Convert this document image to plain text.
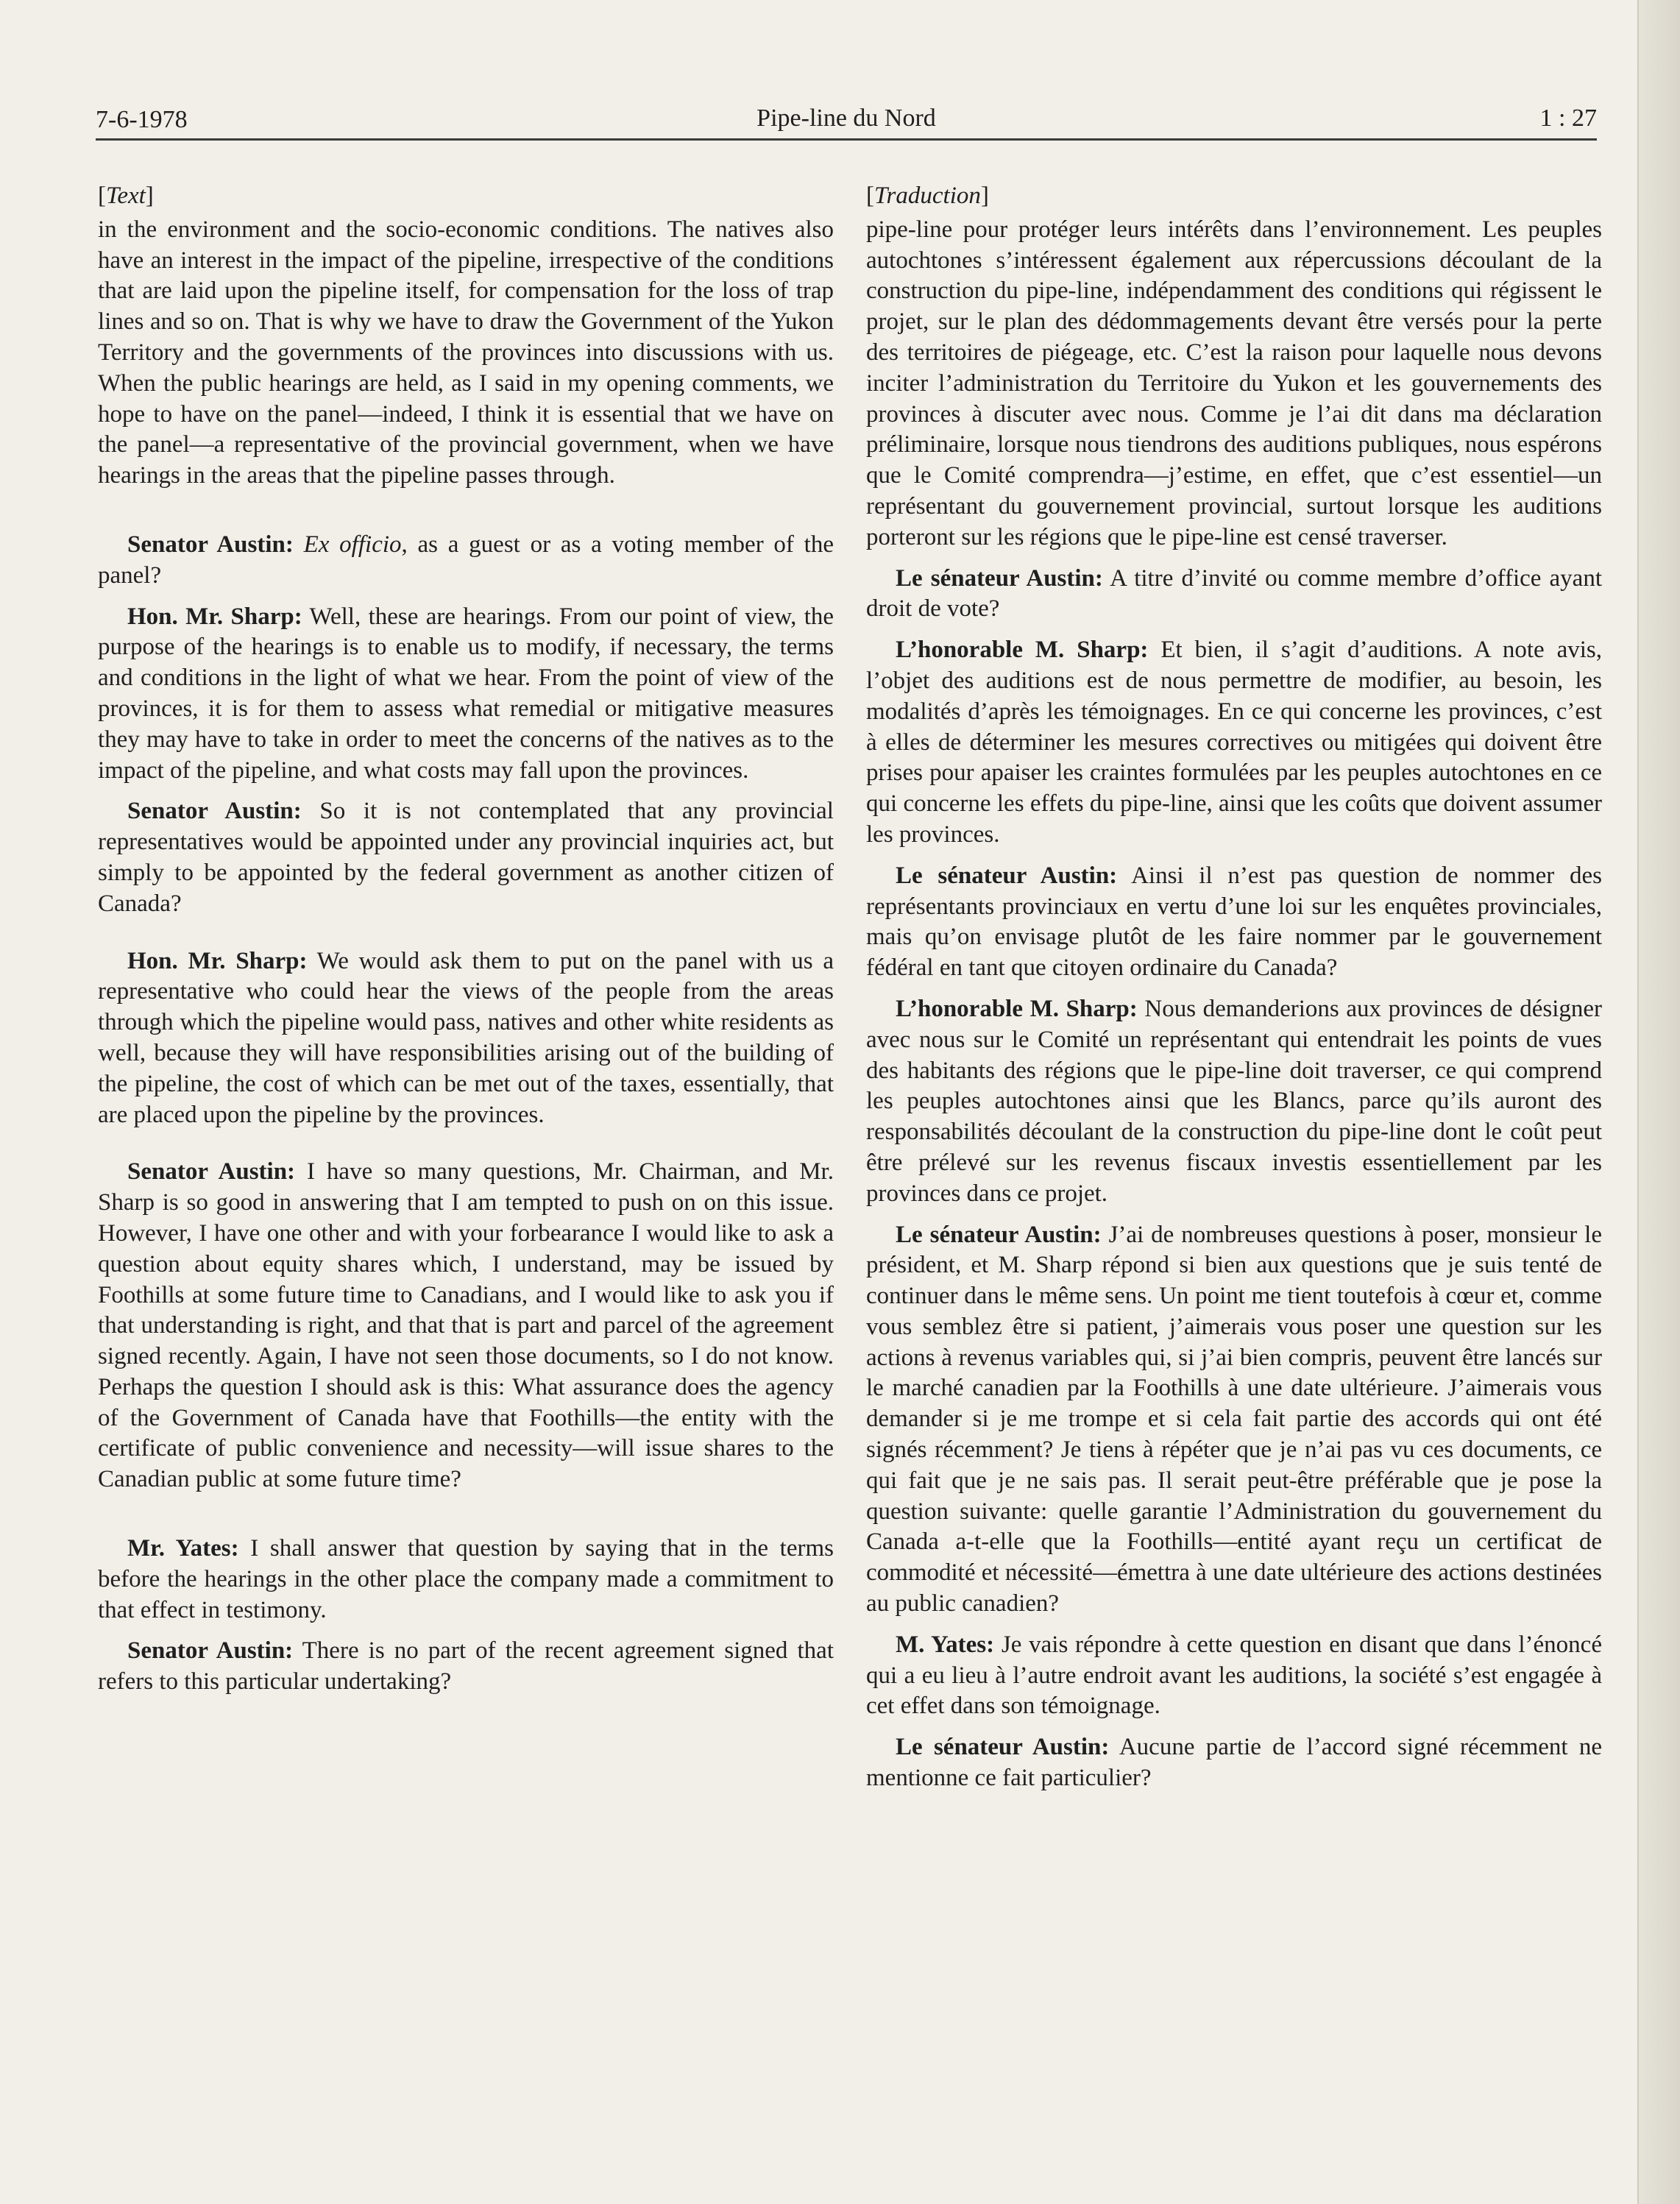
7-6-1978	Pipe-line du Nord	1 : 27
[Text]

in the environment and the socio-economic conditions. The natives also have an interest in the impact of the pipeline, irrespective of the conditions that are laid upon the pipeline itself, for compensation for the loss of trap lines and so on. That is why we have to draw the Government of the Yukon Territory and the governments of the provinces into discussions with us. When the public hearings are held, as I said in my opening comments, we hope to have on the panel—indeed, I think it is essential that we have on the panel—a representative of the provincial government, when we have hearings in the areas that the pipeline passes through.

Senator Austin: Ex officio, as a guest or as a voting member of the panel?

Hon. Mr. Sharp: Well, these are hearings. From our point of view, the purpose of the hearings is to enable us to modify, if necessary, the terms and conditions in the light of what we hear. From the point of view of the provinces, it is for them to assess what remedial or mitigative measures they may have to take in order to meet the concerns of the natives as to the impact of the pipeline, and what costs may fall upon the provinces.

Senator Austin: So it is not contemplated that any provincial representatives would be appointed under any provincial inquiries act, but simply to be appointed by the federal government as another citizen of Canada?

Hon. Mr. Sharp: We would ask them to put on the panel with us a representative who could hear the views of the people from the areas through which the pipeline would pass, natives and other white residents as well, because they will have responsibilities arising out of the building of the pipeline, the cost of which can be met out of the taxes, essentially, that are placed upon the pipeline by the provinces.

Senator Austin: I have so many questions, Mr. Chairman, and Mr. Sharp is so good in answering that I am tempted to push on on this issue. However, I have one other and with your forbearance I would like to ask a question about equity shares which, I understand, may be issued by Foothills at some future time to Canadians, and I would like to ask you if that understanding is right, and that that is part and parcel of the agreement signed recently. Again, I have not seen those documents, so I do not know. Perhaps the question I should ask is this: What assurance does the agency of the Government of Canada have that Foothills—the entity with the certificate of public convenience and necessity—will issue shares to the Canadian public at some future time?

Mr. Yates: I shall answer that question by saying that in the terms before the hearings in the other place the company made a commitment to that effect in testimony.

Senator Austin: There is no part of the recent agreement signed that refers to this particular undertaking?

[Traduction]

pipe-line pour protéger leurs intérêts dans l’environnement. Les peuples autochtones s’intéressent également aux répercussions découlant de la construction du pipe-line, indépendamment des conditions qui régissent le projet, sur le plan des dédommagements devant être versés pour la perte des territoires de piégeage, etc. C’est la raison pour laquelle nous devons inciter l’administration du Territoire du Yukon et les gouvernements des provinces à discuter avec nous. Comme je l’ai dit dans ma déclaration préliminaire, lorsque nous tiendrons des auditions publiques, nous espérons que le Comité comprendra—j’estime, en effet, que c’est essentiel—un représentant du gouvernement provincial, surtout lorsque les auditions porteront sur les régions que le pipe-line est censé traverser.

Le sénateur Austin: A titre d’invité ou comme membre d’office ayant droit de vote?

L’honorable M. Sharp: Et bien, il s’agit d’auditions. A note avis, l’objet des auditions est de nous permettre de modifier, au besoin, les modalités d’après les témoignages. En ce qui concerne les provinces, c’est à elles de déterminer les mesures correctives ou mitigées qui doivent être prises pour apaiser les craintes formulées par les peuples autochtones en ce qui concerne les effets du pipe-line, ainsi que les coûts que doivent assumer les provinces.

Le sénateur Austin: Ainsi il n’est pas question de nommer des représentants provinciaux en vertu d’une loi sur les enquêtes provinciales, mais qu’on envisage plutôt de les faire nommer par le gouvernement fédéral en tant que citoyen ordinaire du Canada?

L’honorable M. Sharp: Nous demanderions aux provinces de désigner avec nous sur le Comité un représentant qui entendrait les points de vues des habitants des régions que le pipe-line doit traverser, ce qui comprend les peuples autochtones ainsi que les Blancs, parce qu’ils auront des responsabilités découlant de la construction du pipe-line dont le coût peut être prélevé sur les revenus fiscaux investis essentiellement par les provinces dans ce projet.

Le sénateur Austin: J’ai de nombreuses questions à poser, monsieur le président, et M. Sharp répond si bien aux questions que je suis tenté de continuer dans le même sens. Un point me tient toutefois à cœur et, comme vous semblez être si patient, j’aimerais vous poser une question sur les actions à revenus variables qui, si j’ai bien compris, peuvent être lancés sur le marché canadien par la Foothills à une date ultérieure. J’aimerais vous demander si je me trompe et si cela fait partie des accords qui ont été signés récemment? Je tiens à répéter que je n’ai pas vu ces documents, ce qui fait que je ne sais pas. Il serait peut-être préférable que je pose la question suivante: quelle garantie l’Administration du gouvernement du Canada a-t-elle que la Foothills—entité ayant reçu un certificat de commodité et nécessité—émettra à une date ultérieure des actions destinées au public canadien?

M. Yates: Je vais répondre à cette question en disant que dans l’énoncé qui a eu lieu à l’autre endroit avant les auditions, la société s’est engagée à cet effet dans son témoignage.

Le sénateur Austin: Aucune partie de l’accord signé récemment ne mentionne ce fait particulier?
